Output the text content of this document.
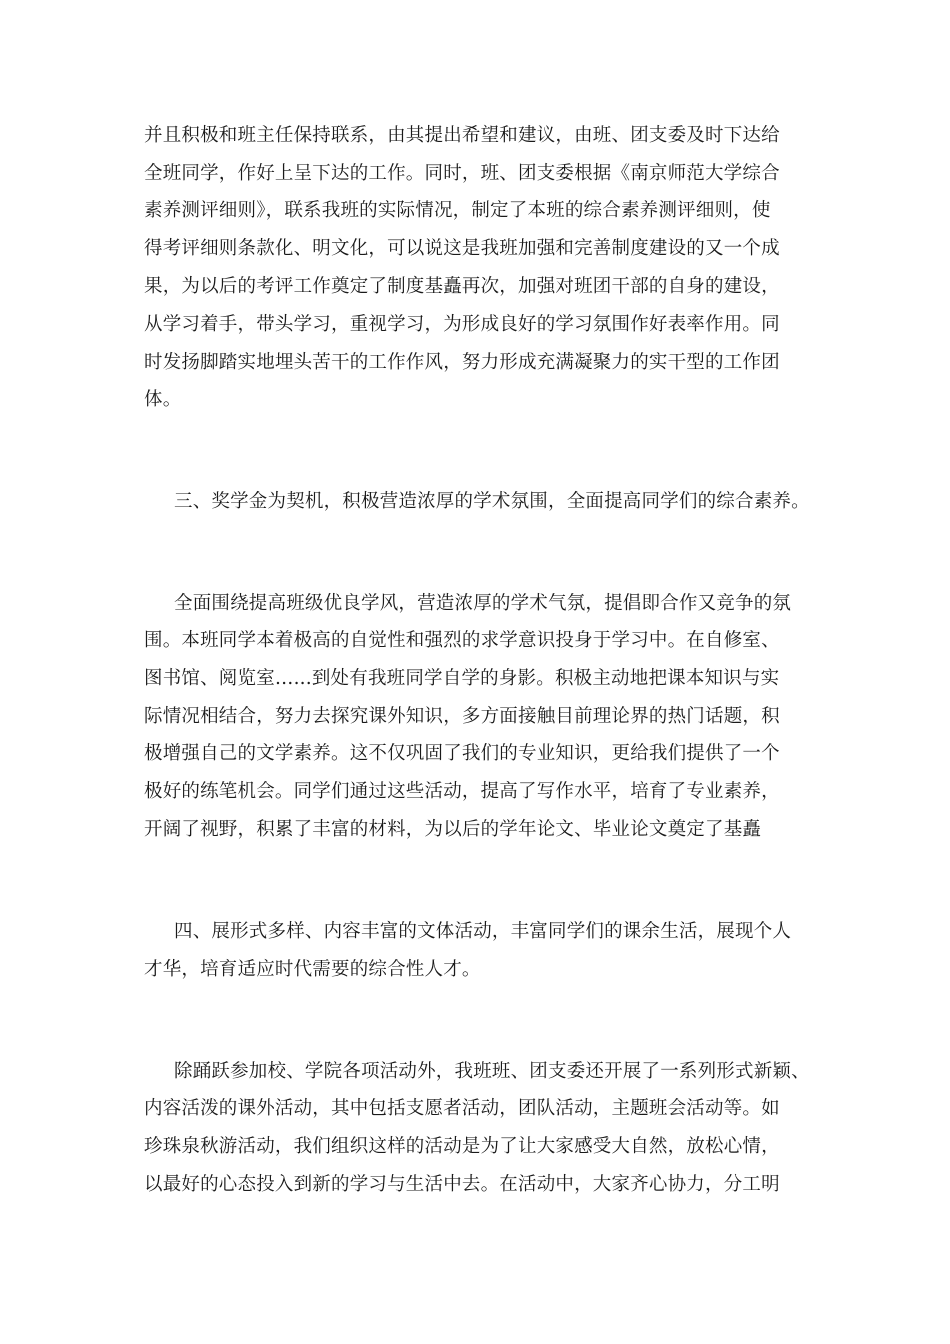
并且积极和班主任保持联系，由其提出希望和建议，由班、团支委及时下达给
全班同学，作好上呈下达的工作。同时，班、团支委根据《南京师范大学综合
素养测评细则》，联系我班的实际情况，制定了本班的综合素养测评细则，使
得考评细则条款化、明文化，可以说这是我班加强和完善制度建设的又一个成
果，为以后的考评工作奠定了制度基矗再次，加强对班团干部的自身的建设，
从学习着手，带头学习，重视学习，为形成良好的学习氛围作好表率作用。同
时发扬脚踏实地埋头苦干的工作作风，努力形成充满凝聚力的实干型的工作团
体。
三、奖学金为契机，积极营造浓厚的学术氛围，全面提高同学们的综合素养。
全面围绕提高班级优良学风，营造浓厚的学术气氛，提倡即合作又竞争的氛
围。本班同学本着极高的自觉性和强烈的求学意识投身于学习中。在自修室、
图书馆、阅览室…...到处有我班同学自学的身影。积极主动地把课本知识与实
际情况相结合，努力去探究课外知识，多方面接触目前理论界的热门话题，积
极增强自己的文学素养。这不仅巩固了我们的专业知识，更给我们提供了一个
极好的练笔机会。同学们通过这些活动，提高了写作水平，培育了专业素养，
开阔了视野，积累了丰富的材料，为以后的学年论文、毕业论文奠定了基矗
四、展形式多样、内容丰富的文体活动，丰富同学们的课余生活，展现个人
才华，培育适应时代需要的综合性人才。
除踊跃参加校、学院各项活动外，我班班、团支委还开展了一系列形式新颖、
内容活泼的课外活动，其中包括支愿者活动，团队活动，主题班会活动等。如
珍珠泉秋游活动，我们组织这样的活动是为了让大家感受大自然，放松心情，
以最好的心态投入到新的学习与生活中去。在活动中，大家齐心协力，分工明
